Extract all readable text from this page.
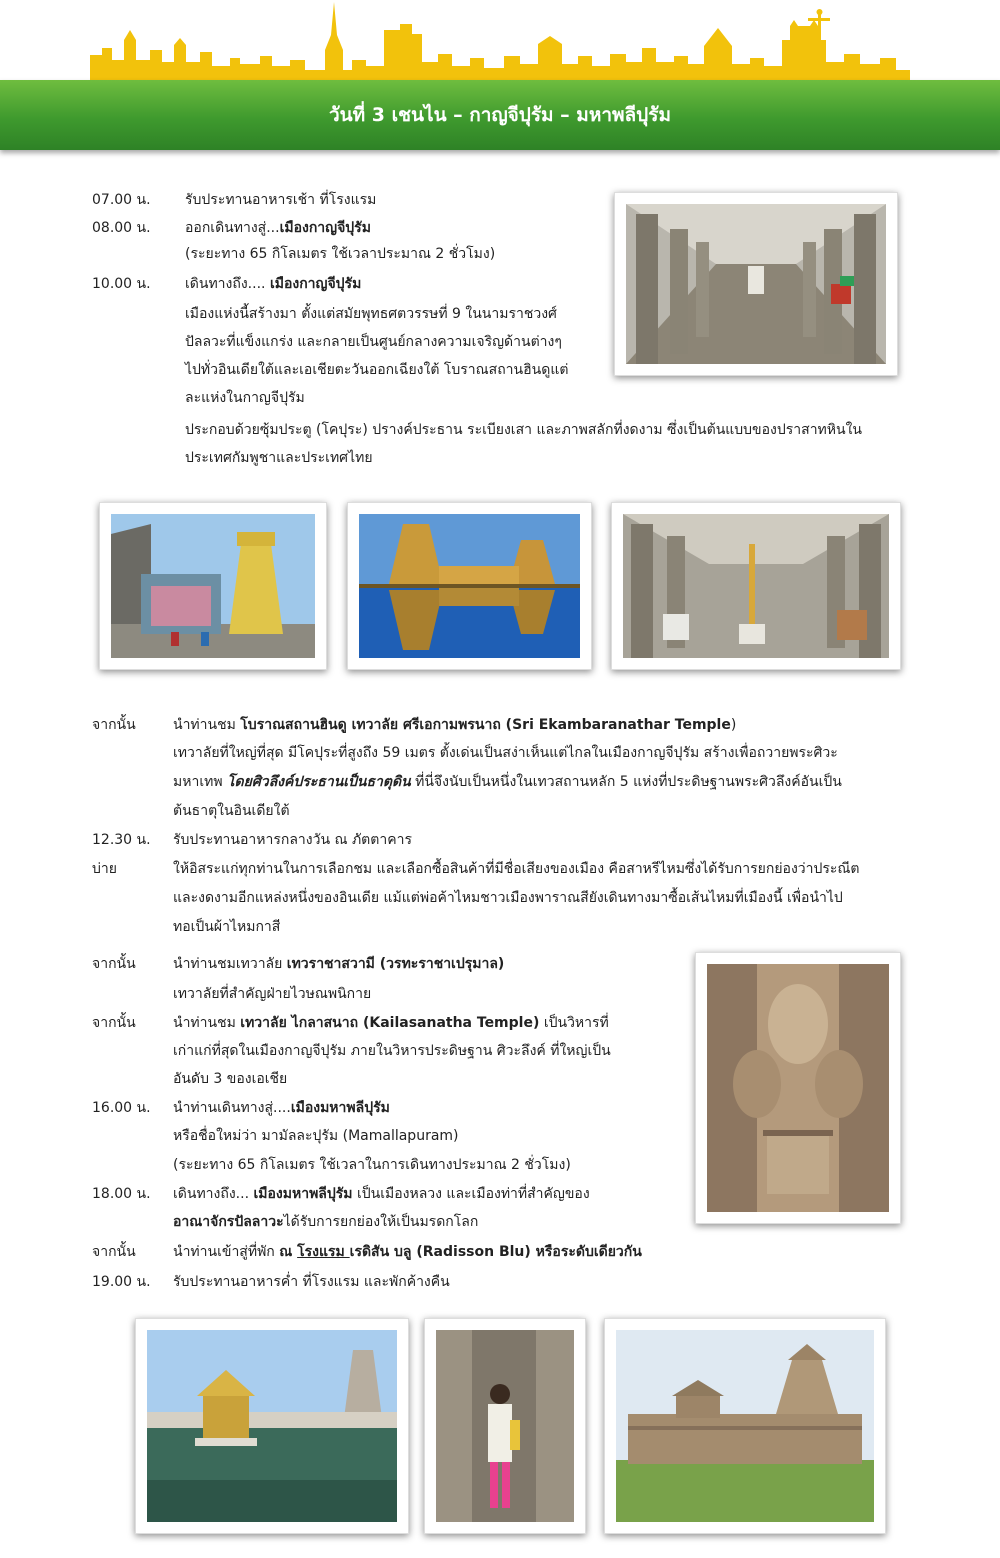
วันที่ 3 เชนไน – กาญจีปุรัม – มหาพลีปุรัม
07.00 น. รับประทานอาหารเช้า ที่โรงแรม
08.00 น. ออกเดินทางสู่...เมืองกาญจีปุรัม
(ระยะทาง 65 กิโลเมตร ใช้เวลาประมาณ 2 ชั่วโมง)
10.00 น. เดินทางถึง.... เมืองกาญจีปุรัม
เมืองแห่งนี้สร้างมา ตั้งแต่สมัยพุทธศตวรรษที่ 9 ในนามราชวงศ์
ปัลลวะที่แข็งแกร่ง และกลายเป็นศูนย์กลางความเจริญด้านต่างๆ
ไปทั่วอินเดียใต้และเอเชียตะวันออกเฉียงใต้ โบราณสถานฮินดูแต่
ละแห่งในกาญจีปุรัม
ประกอบด้วยซุ้มประตู (โคปุระ) ปรางค์ประธาน ระเบียงเสา และภาพสลักที่งดงาม ซึ่งเป็นต้นแบบของปราสาทหินใน
ประเทศกัมพูชาและประเทศไทย
จากนั้น	นำท่านชม โบราณสถานฮินดู เทวาลัย ศรีเอกามพรนาถ (Sri Ekambaranathar Temple)
เทวาลัยที่ใหญ่ที่สุด มีโคปุระที่สูงถึง 59 เมตร ตั้งเด่นเป็นสง่าเห็นแต่ไกลในเมืองกาญจีปุรัม สร้างเพื่อถวายพระศิวะ
มหาเทพ โดยศิวลึงค์ประธานเป็นธาตุดิน ที่นี่จึงนับเป็นหนึ่งในเทวสถานหลัก 5 แห่งที่ประดิษฐานพระศิวลึงค์อันเป็น
ต้นธาตุในอินเดียใต้
12.30 น. รับประทานอาหารกลางวัน ณ ภัตตาคาร
บ่าย	ให้อิสระแก่ทุกท่านในการเลือกชม และเลือกซื้อสินค้าที่มีชื่อเสียงของเมือง คือสาหรีไหมซึ่งได้รับการยกย่องว่าประณีต
และงดงามอีกแหล่งหนึ่งของอินเดีย แม้แต่พ่อค้าไหมชาวเมืองพาราณสียังเดินทางมาซื้อเส้นไหมที่เมืองนี้ เพื่อนำไป
ทอเป็นผ้าไหมกาสี
จากนั้น	นำท่านชมเทวาลัย เทวราชาสวามี (วรทะราชาเปรุมาล)
เทวาลัยที่สำคัญฝ่ายไวษณพนิกาย
จากนั้น	นำท่านชม เทวาลัย ไกลาสนาถ (Kailasanatha Temple) เป็นวิหารที่
เก่าแก่ที่สุดในเมืองกาญจีปุรัม ภายในวิหารประดิษฐาน ศิวะลึงค์ ที่ใหญ่เป็น
อันดับ 3 ของเอเชีย
16.00 น. นำท่านเดินทางสู่....เมืองมหาพลีปุรัม
หรือชื่อใหม่ว่า มามัลละปุรัม (Mamallapuram)
(ระยะทาง 65 กิโลเมตร ใช้เวลาในการเดินทางประมาณ 2 ชั่วโมง)
18.00 น. เดินทางถึง... เมืองมหาพลีปุรัม เป็นเมืองหลวง และเมืองท่าที่สำคัญของ
อาณาจักรปัลลาวะได้รับการยกย่องให้เป็นมรดกโลก
จากนั้น	นำท่านเข้าสู่ที่พัก ณ โรงแรม เรดิสัน บลู (Radisson Blu) หรือระดับเดียวกัน
19.00 น. รับประทานอาหารค่ำ ที่โรงแรม และพักค้างคืน
